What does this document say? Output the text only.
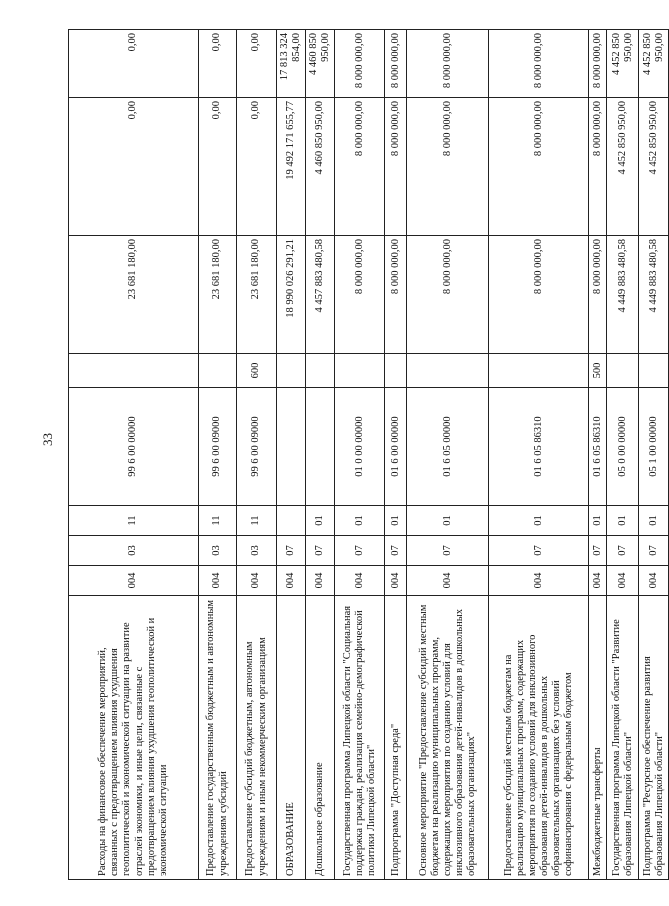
33
Расходы на финансовое обеспечение мероприятий, связанных с предотвращением влияния ухудшения геополитической и экономической ситуации на развитие отраслей экономики, и иные цели, связанные с предотвращением влияния ухудшения геополитической и экономической ситуации	004	03	11	99 6 00 00000		23 681 180,00	0,00	0,00
Предоставление государственным бюджетным и автономным учреждениям субсидий	004	03	11	99 6 00 09000		23 681 180,00	0,00	0,00
Предоставление субсидий бюджетным, автономным учреждениям и иным некоммерческим организациям	004	03	11	99 6 00 09000	600	23 681 180,00	0,00	0,00
ОБРАЗОВАНИЕ	004	07				18 990 026 291,21	19 492 171 655,77	17 813 324 854,00
Дошкольное образование	004	07	01			4 457 883 480,58	4 460 850 950,00	4 460 850 950,00
Государственная программа Липецкой области "Социальная поддержка граждан, реализация семейно-демографической политики Липецкой области"	004	07	01	01 0 00 00000		8 000 000,00	8 000 000,00	8 000 000,00
Подпрограмма "Доступная среда"	004	07	01	01 6 00 00000		8 000 000,00	8 000 000,00	8 000 000,00
Основное мероприятие "Предоставление субсидий местным бюджетам на реализацию муниципальных программ, содержащих мероприятия по созданию условий для инклюзивного образования детей-инвалидов в дошкольных образовательных организациях"	004	07	01	01 6 05 00000		8 000 000,00	8 000 000,00	8 000 000,00
Предоставление субсидий местным бюджетам на реализацию муниципальных программ, содержащих мероприятия по созданию условий для инклюзивного образования детей-инвалидов в дошкольных образовательных организациях без условий софинансирования с федеральным бюджетом	004	07	01	01 6 05 86310		8 000 000,00	8 000 000,00	8 000 000,00
Межбюджетные трансферты	004	07	01	01 6 05 86310	500	8 000 000,00	8 000 000,00	8 000 000,00
Государственная программа Липецкой области "Развитие образования Липецкой области"	004	07	01	05 0 00 00000		4 449 883 480,58	4 452 850 950,00	4 452 850 950,00
Подпрограмма "Ресурсное обеспечение развития образования Липецкой области"	004	07	01	05 1 00 00000		4 449 883 480,58	4 452 850 950,00	4 452 850 950,00
